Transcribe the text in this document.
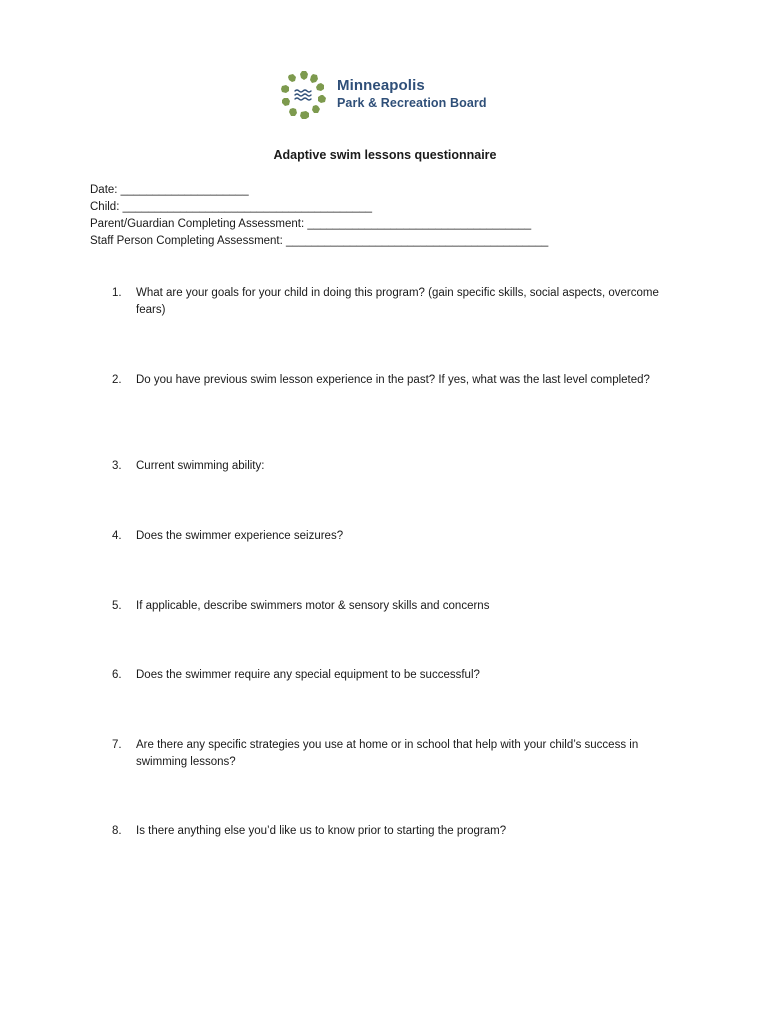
Minneapolis
Park & Recreation Board
Adaptive swim lessons questionnaire
Date: ____________________
Child: _______________________________________
Parent/Guardian Completing Assessment: ___________________________________
Staff Person Completing Assessment: _________________________________________
1. What are your goals for your child in doing this program? (gain specific skills, social aspects, overcome fears)
2. Do you have previous swim lesson experience in the past? If yes, what was the last level completed?
3. Current swimming ability:
4. Does the swimmer experience seizures?
5. If applicable, describe swimmers motor & sensory skills and concerns
6. Does the swimmer require any special equipment to be successful?
7. Are there any specific strategies you use at home or in school that help with your child’s success in swimming lessons?
8. Is there anything else you’d like us to know prior to starting the program?
